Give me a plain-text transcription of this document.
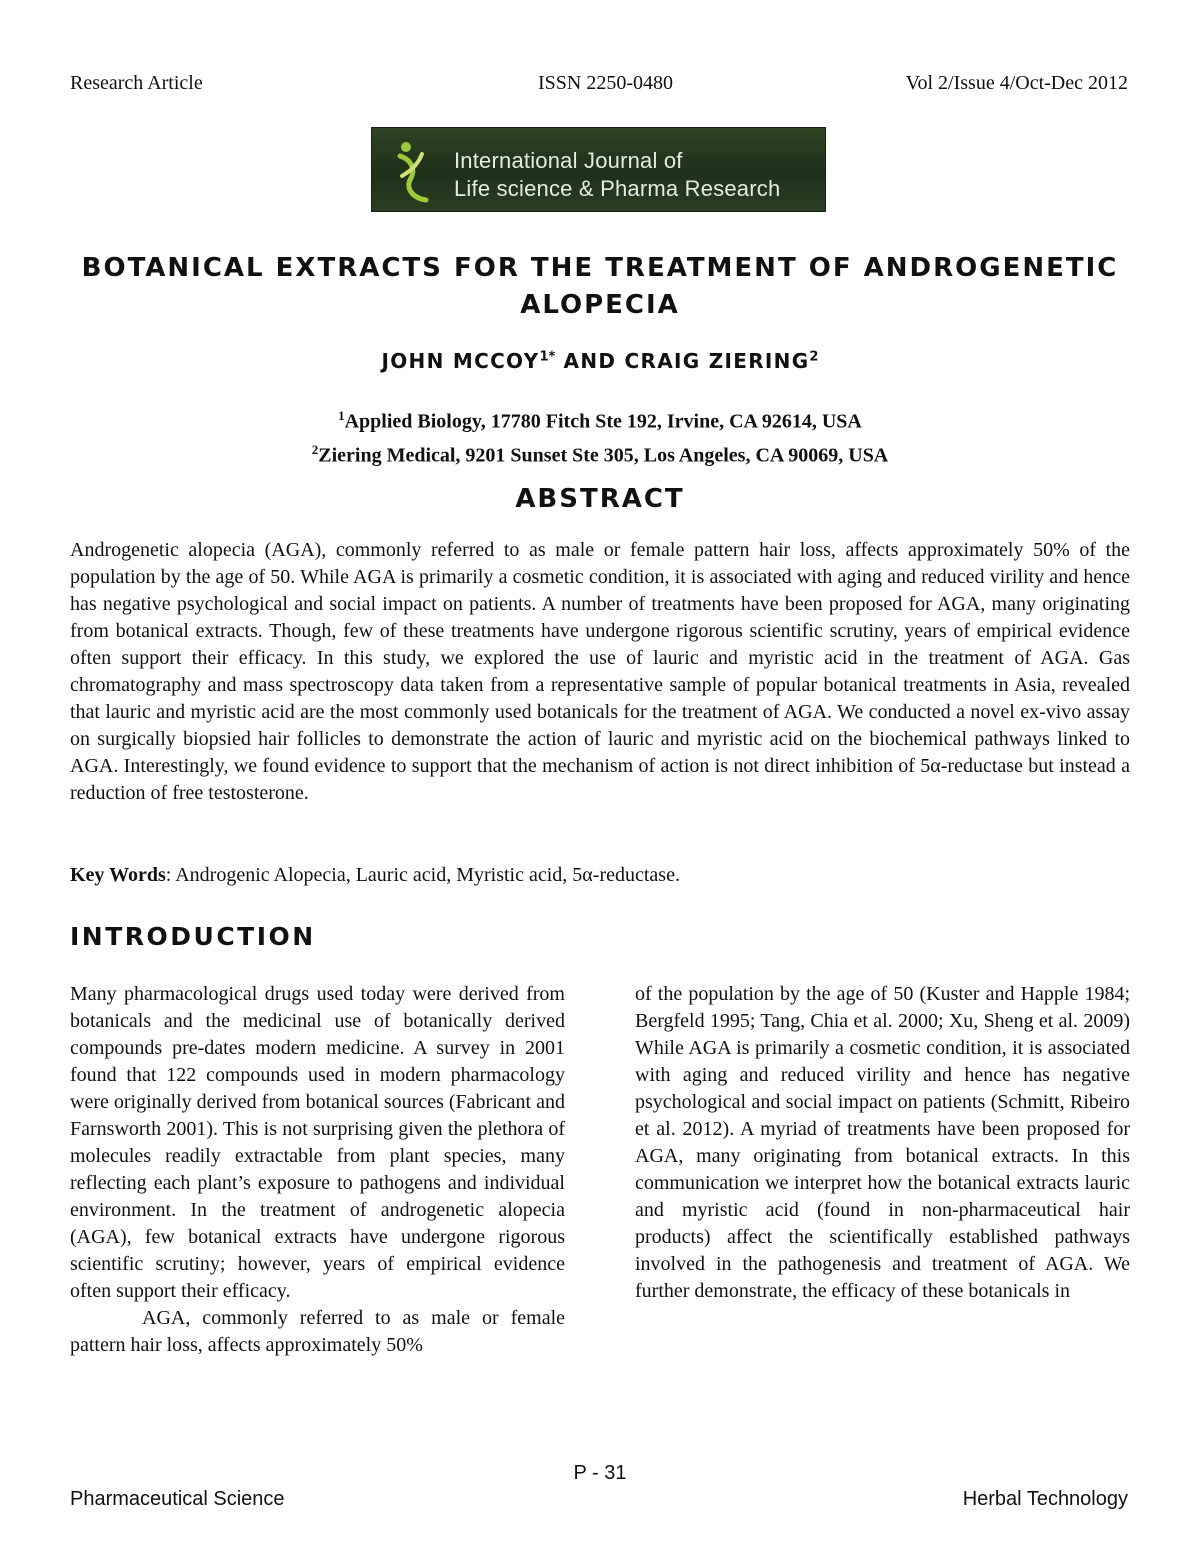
Research Article	ISSN 2250-0480	Vol 2/Issue 4/Oct-Dec 2012
International Journal of
Life science & Pharma Research
BOTANICAL EXTRACTS FOR THE TREATMENT OF ANDROGENETIC ALOPECIA
JOHN $MCCOY^{1*}$ AND CRAIG ZIERING$^2$
$^1$Applied Biology, 17780 Fitch Ste 192, Irvine, CA 92614, USA
$^2$Ziering Medical, 9201 Sunset Ste 305, Los Angeles, CA 90069, USA
ABSTRACT
Androgenetic alopecia (AGA), commonly referred to as male or female pattern hair loss, affects approximately 50% of the population by the age of 50. While AGA is primarily a cosmetic condition, it is associated with aging and reduced virility and hence has negative psychological and social impact on patients. A number of treatments have been proposed for AGA, many originating from botanical extracts. Though, few of these treatments have undergone rigorous scientific scrutiny, years of empirical evidence often support their efficacy. In this study, we explored the use of lauric and myristic acid in the treatment of AGA. Gas chromatography and mass spectroscopy data taken from a representative sample of popular botanical treatments in Asia, revealed that lauric and myristic acid are the most commonly used botanicals for the treatment of AGA. We conducted a novel ex-vivo assay on surgically biopsied hair follicles to demonstrate the action of lauric and myristic acid on the biochemical pathways linked to AGA. Interestingly, we found evidence to support that the mechanism of action is not direct inhibition of 5α-reductase but instead a reduction of free testosterone.
Key Words: Androgenic Alopecia, Lauric acid, Myristic acid, 5α-reductase.
INTRODUCTION

Many pharmacological drugs used today were derived from botanicals and the medicinal use of botanically derived compounds pre-dates modern medicine. A survey in 2001 found that 122 compounds used in modern pharmacology were originally derived from botanical sources (Fabricant and Farnsworth 2001). This is not surprising given the plethora of molecules readily extractable from plant species, many reflecting each plant’s exposure to pathogens and individual environment. In the treatment of androgenetic alopecia (AGA), few botanical extracts have undergone rigorous scientific scrutiny; however, years of empirical evidence often support their efficacy.

AGA, commonly referred to as male or female pattern hair loss, affects approximately 50%

of the population by the age of 50 (Kuster and Happle 1984; Bergfeld 1995; Tang, Chia et al. 2000; Xu, Sheng et al. 2009) While AGA is primarily a cosmetic condition, it is associated with aging and reduced virility and hence has negative psychological and social impact on patients (Schmitt, Ribeiro et al. 2012). A myriad of treatments have been proposed for AGA, many originating from botanical extracts. In this communication we interpret how the botanical extracts lauric and myristic acid (found in non-pharmaceutical hair products) affect the scientifically established pathways involved in the pathogenesis and treatment of AGA. We further demonstrate, the efficacy of these botanicals in

P - 31
Pharmaceutical Science	Herbal Technology
